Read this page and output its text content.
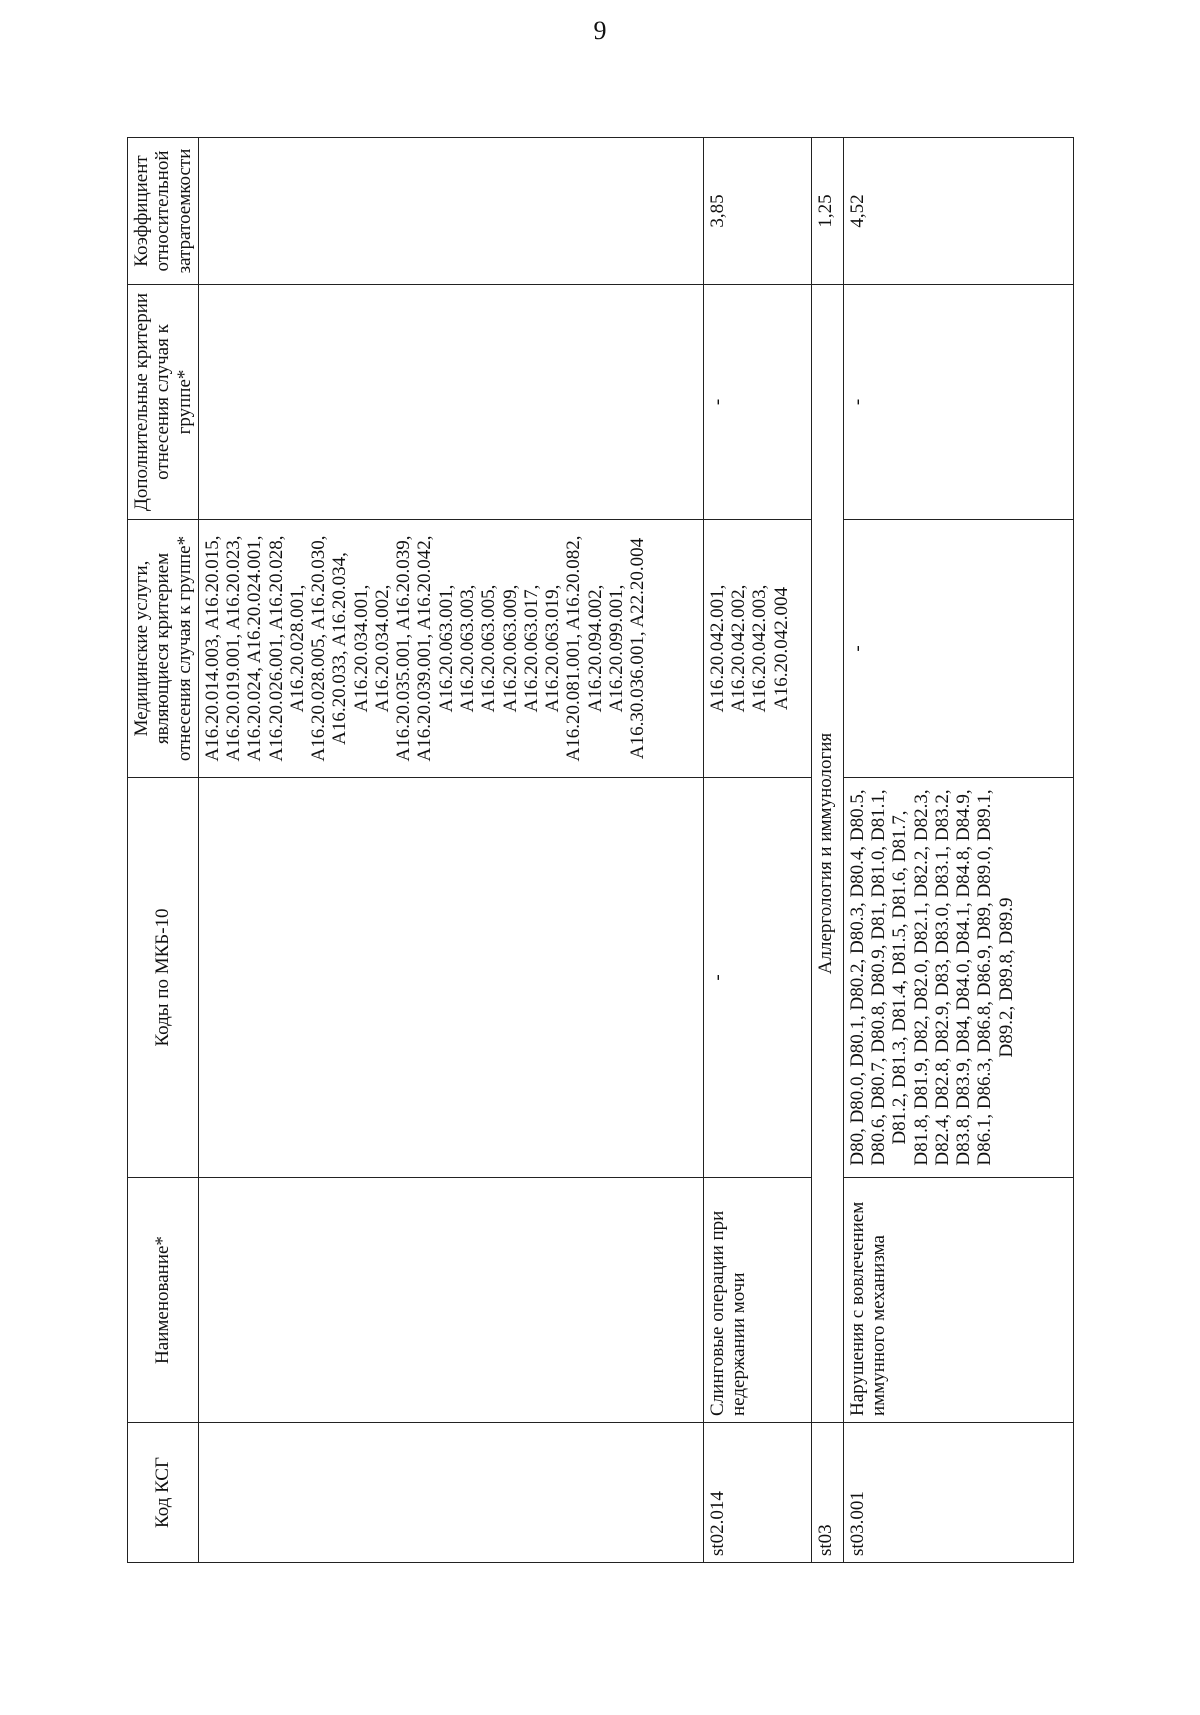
9
Код КСГ	Наименование*	Коды по МКБ-10	Медицинские услуги, являющиеся критерием отнесения случая к группе*	Дополнительные критерии отнесения случая к группе*	Коэффициент относительной затратоемкости
			A16.20.014.003, A16.20.015, A16.20.019.001, A16.20.023, A16.20.024, A16.20.024.001, A16.20.026.001, A16.20.028, A16.20.028.001, A16.20.028.005, A16.20.030, A16.20.033, A16.20.034, A16.20.034.001, A16.20.034.002, A16.20.035.001, A16.20.039, A16.20.039.001, A16.20.042, A16.20.063.001, A16.20.063.003, A16.20.063.005, A16.20.063.009, A16.20.063.017, A16.20.063.019, A16.20.081.001, A16.20.082, A16.20.094.002, A16.20.099.001, A16.30.036.001, A22.20.004		
st02.014	Слинговые операции при недержании мочи	-	A16.20.042.001, A16.20.042.002, A16.20.042.003, A16.20.042.004	-	3,85
st03	Аллергология и иммунология				1,25
st03.001	Нарушения с вовлечением иммунного механизма	D80, D80.0, D80.1, D80.2, D80.3, D80.4, D80.5, D80.6, D80.7, D80.8, D80.9, D81, D81.0, D81.1, D81.2, D81.3, D81.4, D81.5, D81.6, D81.7, D81.8, D81.9, D82, D82.0, D82.1, D82.2, D82.3, D82.4, D82.8, D82.9, D83, D83.0, D83.1, D83.2, D83.8, D83.9, D84, D84.0, D84.1, D84.8, D84.9, D86.1, D86.3, D86.8, D86.9, D89, D89.0, D89.1, D89.2, D89.8, D89.9	-	-	4,52
